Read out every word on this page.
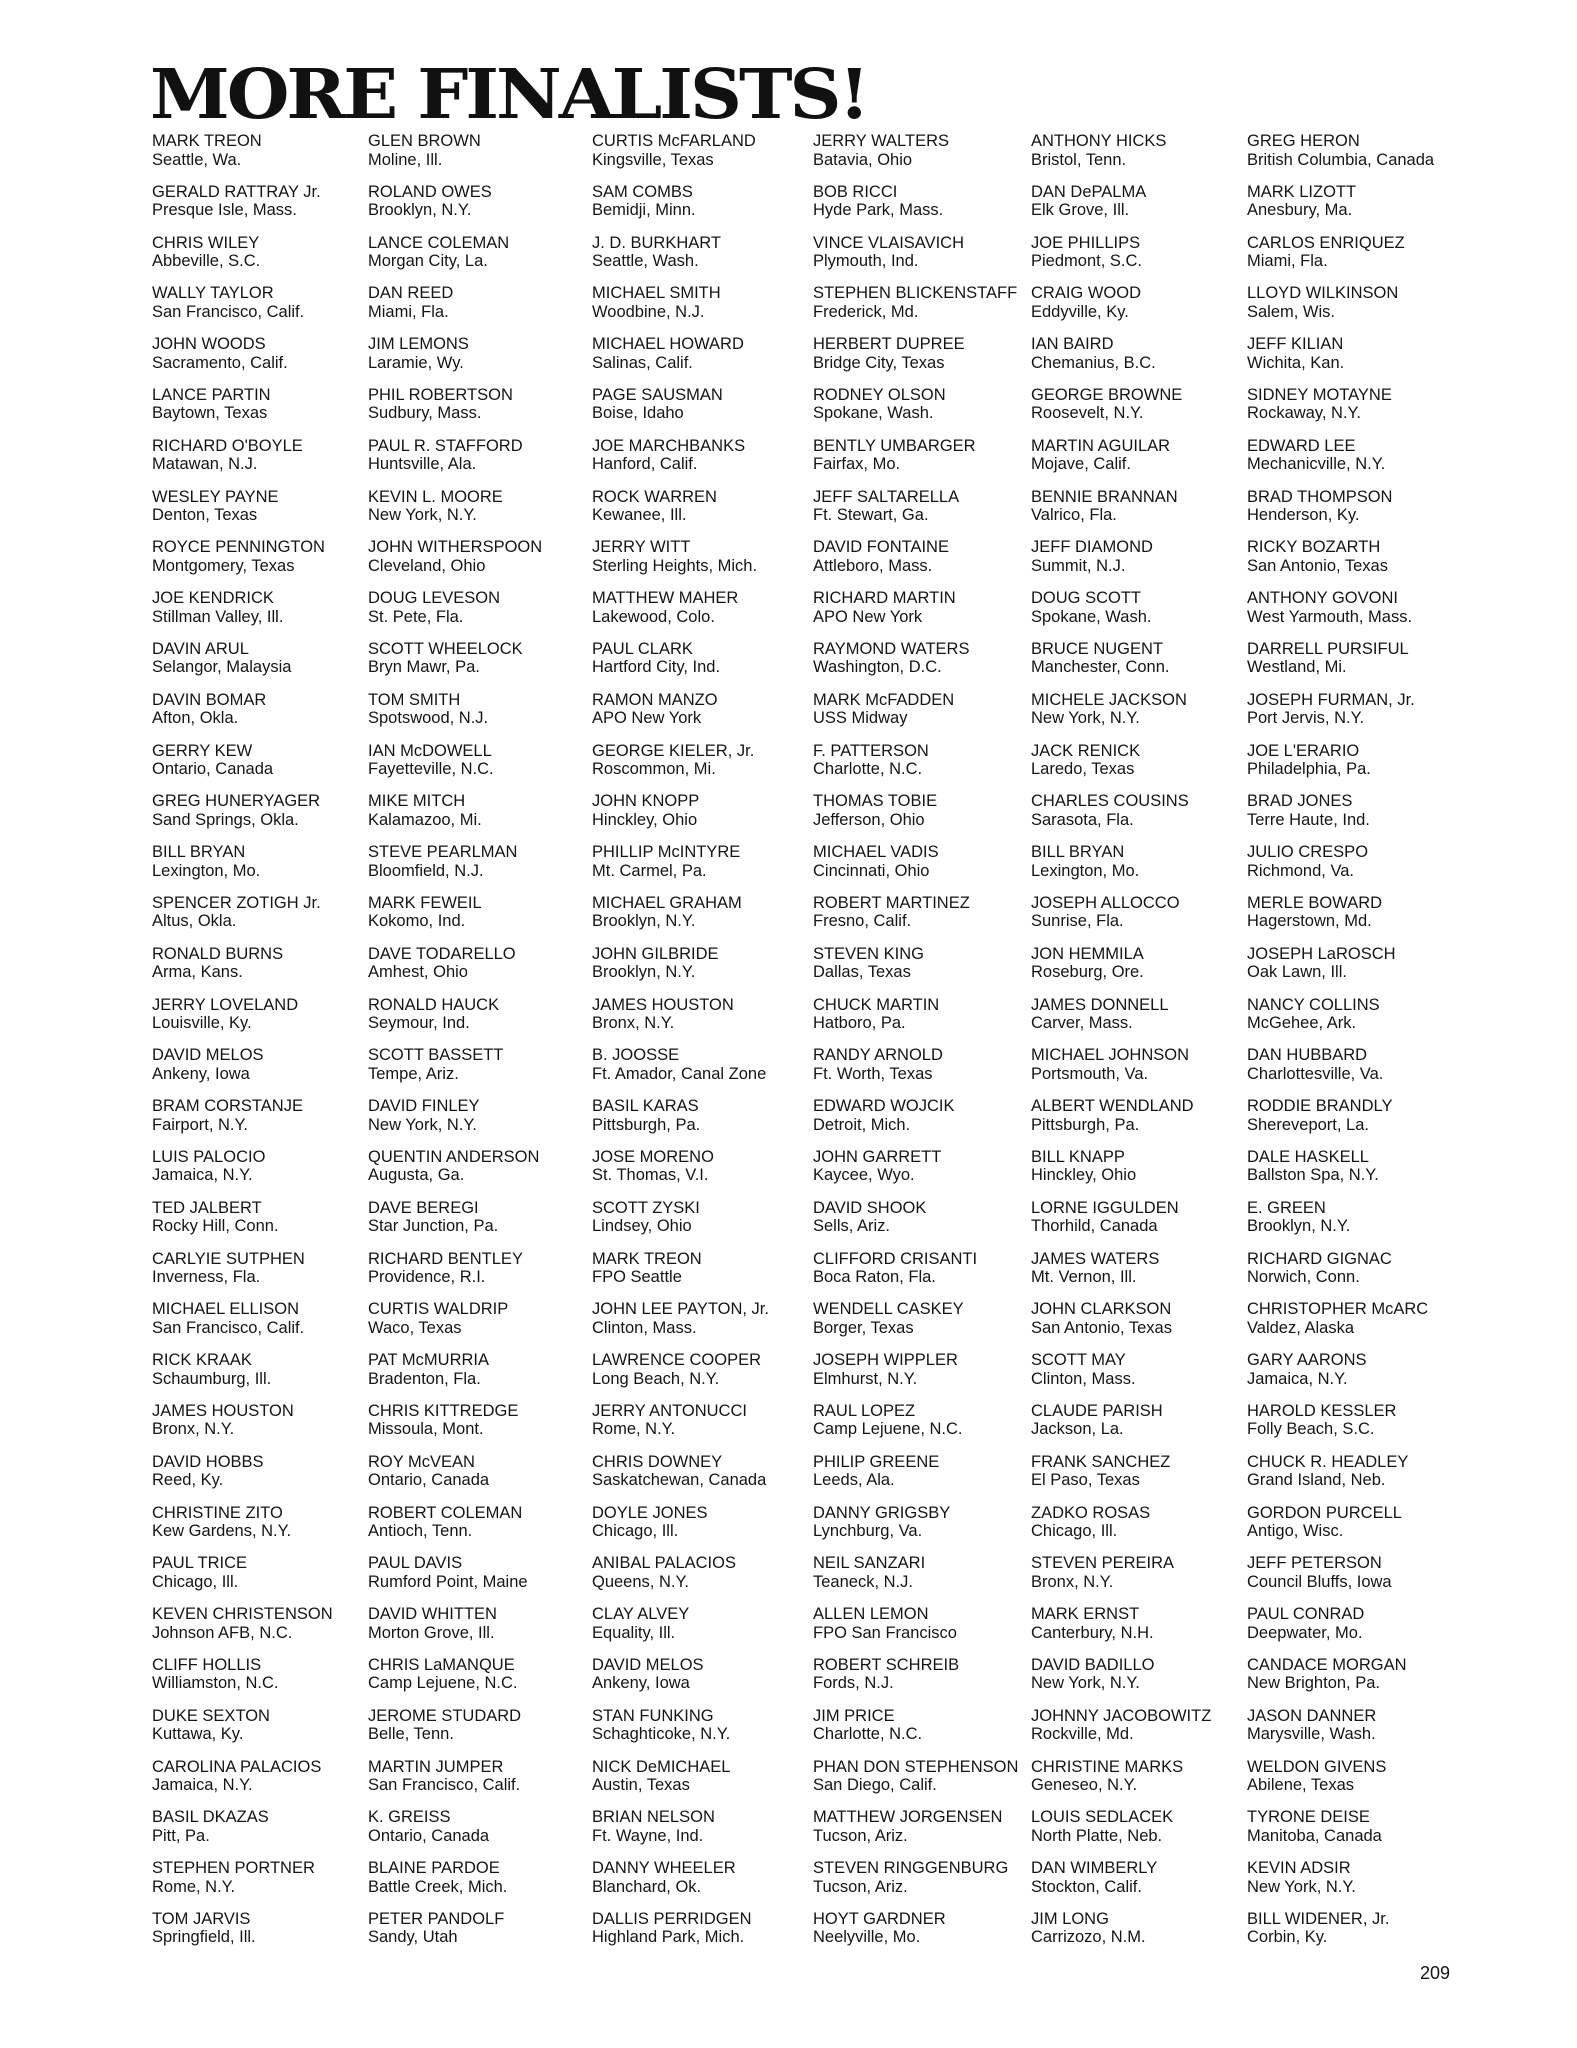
MORE FINALISTS!
MARK TREON
Seattle, Wa.
GERALD RATTRAY Jr.
Presque Isle, Mass.
CHRIS WILEY
Abbeville, S.C.
WALLY TAYLOR
San Francisco, Calif.
JOHN WOODS
Sacramento, Calif.
LANCE PARTIN
Baytown, Texas
RICHARD O'BOYLE
Matawan, N.J.
WESLEY PAYNE
Denton, Texas
ROYCE PENNINGTON
Montgomery, Texas
JOE KENDRICK
Stillman Valley, Ill.
DAVIN ARUL
Selangor, Malaysia
DAVIN BOMAR
Afton, Okla.
GERRY KEW
Ontario, Canada
GREG HUNERYAGER
Sand Springs, Okla.
BILL BRYAN
Lexington, Mo.
SPENCER ZOTIGH Jr.
Altus, Okla.
RONALD BURNS
Arma, Kans.
JERRY LOVELAND
Louisville, Ky.
DAVID MELOS
Ankeny, Iowa
BRAM CORSTANJE
Fairport, N.Y.
LUIS PALOCIO
Jamaica, N.Y.
TED JALBERT
Rocky Hill, Conn.
CARLYIE SUTPHEN
Inverness, Fla.
MICHAEL ELLISON
San Francisco, Calif.
RICK KRAAK
Schaumburg, Ill.
JAMES HOUSTON
Bronx, N.Y.
DAVID HOBBS
Reed, Ky.
CHRISTINE ZITO
Kew Gardens, N.Y.
PAUL TRICE
Chicago, Ill.
KEVEN CHRISTENSON
Johnson AFB, N.C.
CLIFF HOLLIS
Williamston, N.C.
DUKE SEXTON
Kuttawa, Ky.
CAROLINA PALACIOS
Jamaica, N.Y.
BASIL DKAZAS
Pitt, Pa.
STEPHEN PORTNER
Rome, N.Y.
TOM JARVIS
Springfield, Ill.
GLEN BROWN
Moline, Ill.
ROLAND OWES
Brooklyn, N.Y.
LANCE COLEMAN
Morgan City, La.
DAN REED
Miami, Fla.
JIM LEMONS
Laramie, Wy.
PHIL ROBERTSON
Sudbury, Mass.
PAUL R. STAFFORD
Huntsville, Ala.
KEVIN L. MOORE
New York, N.Y.
JOHN WITHERSPOON
Cleveland, Ohio
DOUG LEVESON
St. Pete, Fla.
SCOTT WHEELOCK
Bryn Mawr, Pa.
TOM SMITH
Spotswood, N.J.
IAN McDOWELL
Fayetteville, N.C.
MIKE MITCH
Kalamazoo, Mi.
STEVE PEARLMAN
Bloomfield, N.J.
MARK FEWEIL
Kokomo, Ind.
DAVE TODARELLO
Amhest, Ohio
RONALD HAUCK
Seymour, Ind.
SCOTT BASSETT
Tempe, Ariz.
DAVID FINLEY
New York, N.Y.
QUENTIN ANDERSON
Augusta, Ga.
DAVE BEREGI
Star Junction, Pa.
RICHARD BENTLEY
Providence, R.I.
CURTIS WALDRIP
Waco, Texas
PAT McMURRIA
Bradenton, Fla.
CHRIS KITTREDGE
Missoula, Mont.
ROY McVEAN
Ontario, Canada
ROBERT COLEMAN
Antioch, Tenn.
PAUL DAVIS
Rumford Point, Maine
DAVID WHITTEN
Morton Grove, Ill.
CHRIS LaMANQUE
Camp Lejuene, N.C.
JEROME STUDARD
Belle, Tenn.
MARTIN JUMPER
San Francisco, Calif.
K. GREISS
Ontario, Canada
BLAINE PARDOE
Battle Creek, Mich.
PETER PANDOLF
Sandy, Utah
CURTIS McFARLAND
Kingsville, Texas
SAM COMBS
Bemidji, Minn.
J. D. BURKHART
Seattle, Wash.
MICHAEL SMITH
Woodbine, N.J.
MICHAEL HOWARD
Salinas, Calif.
PAGE SAUSMAN
Boise, Idaho
JOE MARCHBANKS
Hanford, Calif.
ROCK WARREN
Kewanee, Ill.
JERRY WITT
Sterling Heights, Mich.
MATTHEW MAHER
Lakewood, Colo.
PAUL CLARK
Hartford City, Ind.
RAMON MANZO
APO New York
GEORGE KIELER, Jr.
Roscommon, Mi.
JOHN KNOPP
Hinckley, Ohio
PHILLIP McINTYRE
Mt. Carmel, Pa.
MICHAEL GRAHAM
Brooklyn, N.Y.
JOHN GILBRIDE
Brooklyn, N.Y.
JAMES HOUSTON
Bronx, N.Y.
B. JOOSSE
Ft. Amador, Canal Zone
BASIL KARAS
Pittsburgh, Pa.
JOSE MORENO
St. Thomas, V.I.
SCOTT ZYSKI
Lindsey, Ohio
MARK TREON
FPO Seattle
JOHN LEE PAYTON, Jr.
Clinton, Mass.
LAWRENCE COOPER
Long Beach, N.Y.
JERRY ANTONUCCI
Rome, N.Y.
CHRIS DOWNEY
Saskatchewan, Canada
DOYLE JONES
Chicago, Ill.
ANIBAL PALACIOS
Queens, N.Y.
CLAY ALVEY
Equality, Ill.
DAVID MELOS
Ankeny, Iowa
STAN FUNKING
Schaghticoke, N.Y.
NICK DeMICHAEL
Austin, Texas
BRIAN NELSON
Ft. Wayne, Ind.
DANNY WHEELER
Blanchard, Ok.
DALLIS PERRIDGEN
Highland Park, Mich.
JERRY WALTERS
Batavia, Ohio
BOB RICCI
Hyde Park, Mass.
VINCE VLAISAVICH
Plymouth, Ind.
STEPHEN BLICKENSTAFF
Frederick, Md.
HERBERT DUPREE
Bridge City, Texas
RODNEY OLSON
Spokane, Wash.
BENTLY UMBARGER
Fairfax, Mo.
JEFF SALTARELLA
Ft. Stewart, Ga.
DAVID FONTAINE
Attleboro, Mass.
RICHARD MARTIN
APO New York
RAYMOND WATERS
Washington, D.C.
MARK McFADDEN
USS Midway
F. PATTERSON
Charlotte, N.C.
THOMAS TOBIE
Jefferson, Ohio
MICHAEL VADIS
Cincinnati, Ohio
ROBERT MARTINEZ
Fresno, Calif.
STEVEN KING
Dallas, Texas
CHUCK MARTIN
Hatboro, Pa.
RANDY ARNOLD
Ft. Worth, Texas
EDWARD WOJCIK
Detroit, Mich.
JOHN GARRETT
Kaycee, Wyo.
DAVID SHOOK
Sells, Ariz.
CLIFFORD CRISANTI
Boca Raton, Fla.
WENDELL CASKEY
Borger, Texas
JOSEPH WIPPLER
Elmhurst, N.Y.
RAUL LOPEZ
Camp Lejuene, N.C.
PHILIP GREENE
Leeds, Ala.
DANNY GRIGSBY
Lynchburg, Va.
NEIL SANZARI
Teaneck, N.J.
ALLEN LEMON
FPO San Francisco
ROBERT SCHREIB
Fords, N.J.
JIM PRICE
Charlotte, N.C.
PHAN DON STEPHENSON
San Diego, Calif.
MATTHEW JORGENSEN
Tucson, Ariz.
STEVEN RINGGENBURG
Tucson, Ariz.
HOYT GARDNER
Neelyville, Mo.
ANTHONY HICKS
Bristol, Tenn.
DAN DePALMA
Elk Grove, Ill.
JOE PHILLIPS
Piedmont, S.C.
CRAIG WOOD
Eddyville, Ky.
IAN BAIRD
Chemanius, B.C.
GEORGE BROWNE
Roosevelt, N.Y.
MARTIN AGUILAR
Mojave, Calif.
BENNIE BRANNAN
Valrico, Fla.
JEFF DIAMOND
Summit, N.J.
DOUG SCOTT
Spokane, Wash.
BRUCE NUGENT
Manchester, Conn.
MICHELE JACKSON
New York, N.Y.
JACK RENICK
Laredo, Texas
CHARLES COUSINS
Sarasota, Fla.
BILL BRYAN
Lexington, Mo.
JOSEPH ALLOCCO
Sunrise, Fla.
JON HEMMILA
Roseburg, Ore.
JAMES DONNELL
Carver, Mass.
MICHAEL JOHNSON
Portsmouth, Va.
ALBERT WENDLAND
Pittsburgh, Pa.
BILL KNAPP
Hinckley, Ohio
LORNE IGGULDEN
Thorhild, Canada
JAMES WATERS
Mt. Vernon, Ill.
JOHN CLARKSON
San Antonio, Texas
SCOTT MAY
Clinton, Mass.
CLAUDE PARISH
Jackson, La.
FRANK SANCHEZ
El Paso, Texas
ZADKO ROSAS
Chicago, Ill.
STEVEN PEREIRA
Bronx, N.Y.
MARK ERNST
Canterbury, N.H.
DAVID BADILLO
New York, N.Y.
JOHNNY JACOBOWITZ
Rockville, Md.
CHRISTINE MARKS
Geneseo, N.Y.
LOUIS SEDLACEK
North Platte, Neb.
DAN WIMBERLY
Stockton, Calif.
JIM LONG
Carrizozo, N.M.
GREG HERON
British Columbia, Canada
MARK LIZOTT
Anesbury, Ma.
CARLOS ENRIQUEZ
Miami, Fla.
LLOYD WILKINSON
Salem, Wis.
JEFF KILIAN
Wichita, Kan.
SIDNEY MOTAYNE
Rockaway, N.Y.
EDWARD LEE
Mechanicville, N.Y.
BRAD THOMPSON
Henderson, Ky.
RICKY BOZARTH
San Antonio, Texas
ANTHONY GOVONI
West Yarmouth, Mass.
DARRELL PURSIFUL
Westland, Mi.
JOSEPH FURMAN, Jr.
Port Jervis, N.Y.
JOE L'ERARIO
Philadelphia, Pa.
BRAD JONES
Terre Haute, Ind.
JULIO CRESPO
Richmond, Va.
MERLE BOWARD
Hagerstown, Md.
JOSEPH LaROSCH
Oak Lawn, Ill.
NANCY COLLINS
McGehee, Ark.
DAN HUBBARD
Charlottesville, Va.
RODDIE BRANDLY
Shereveport, La.
DALE HASKELL
Ballston Spa, N.Y.
E. GREEN
Brooklyn, N.Y.
RICHARD GIGNAC
Norwich, Conn.
CHRISTOPHER McARC
Valdez, Alaska
GARY AARONS
Jamaica, N.Y.
HAROLD KESSLER
Folly Beach, S.C.
CHUCK R. HEADLEY
Grand Island, Neb.
GORDON PURCELL
Antigo, Wisc.
JEFF PETERSON
Council Bluffs, Iowa
PAUL CONRAD
Deepwater, Mo.
CANDACE MORGAN
New Brighton, Pa.
JASON DANNER
Marysville, Wash.
WELDON GIVENS
Abilene, Texas
TYRONE DEISE
Manitoba, Canada
KEVIN ADSIR
New York, N.Y.
BILL WIDENER, Jr.
Corbin, Ky.
209
